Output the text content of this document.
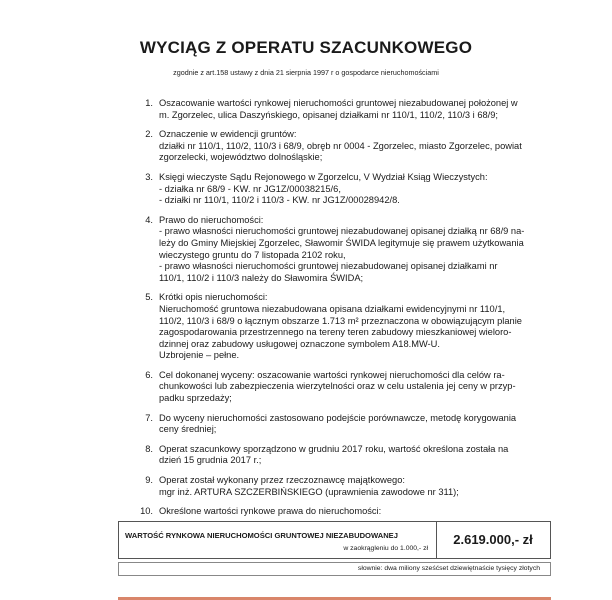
WYCIĄG Z OPERATU SZACUNKOWEGO
zgodnie z art.158 ustawy z dnia 21 sierpnia 1997 r o gospodarce nieruchomościami
1. Oszacowanie wartości rynkowej nieruchomości gruntowej niezabudowanej położonej w
m. Zgorzelec, ulica Daszyńskiego, opisanej działkami nr 110/1, 110/2, 110/3 i 68/9;
2. Oznaczenie w ewidencji gruntów:
działki nr 110/1, 110/2, 110/3 i 68/9, obręb nr 0004 - Zgorzelec, miasto Zgorzelec, powiat
zgorzelecki, województwo dolnośląskie;
3. Księgi wieczyste Sądu Rejonowego w Zgorzelcu, V Wydział Ksiąg Wieczystych:
- działka nr 68/9 - KW. nr JG1Z/00038215/6,
- działki nr 110/1, 110/2 i 110/3 - KW. nr JG1Z/00028942/8.
4. Prawo do nieruchomości:
- prawo własności nieruchomości gruntowej niezabudowanej opisanej działką nr 68/9 na-
leży do Gminy Miejskiej Zgorzelec, Sławomir ŚWIDA legitymuje się prawem użytkowania
wieczystego gruntu do 7 listopada 2102 roku,
- prawo własności nieruchomości gruntowej niezabudowanej opisanej działkami nr
110/1, 110/2 i 110/3 należy do Sławomira ŚWIDA;
5. Krótki opis nieruchomości:
Nieruchomość gruntowa niezabudowana opisana działkami ewidencyjnymi nr 110/1,
110/2, 110/3 i 68/9 o łącznym obszarze 1.713 m² przeznaczona w obowiązującym planie
zagospodarowania przestrzennego na tereny teren zabudowy mieszkaniowej wieloro-
dzinnej oraz zabudowy usługowej oznaczone symbolem A18.MW-U.
Uzbrojenie – pełne.
6. Cel dokonanej wyceny: oszacowanie wartości rynkowej nieruchomości dla celów ra-
chunkowości lub zabezpieczenia wierzytelności oraz w celu ustalenia jej ceny w przyp-
padku sprzedaży;
7. Do wyceny nieruchomości zastosowano podejście porównawcze, metodę korygowania
ceny średniej;
8. Operat szacunkowy sporządzono w grudniu 2017 roku, wartość określona została na
dzień 15 grudnia 2017 r.;
9. Operat został wykonany przez rzeczoznawcę majątkowego:
mgr inż. ARTURA SZCZERBIŃSKIEGO (uprawnienia zawodowe nr 311);
10. Określone wartości rynkowe prawa do nieruchomości:
WARTOŚĆ RYNKOWA NIERUCHOMOŚCI GRUNTOWEJ NIEZABUDOWANEJ
w zaokrągleniu do 1.000,- zł
2.619.000,- zł
słownie: dwa miliony sześćset dziewiętnaście tysięcy złotych
